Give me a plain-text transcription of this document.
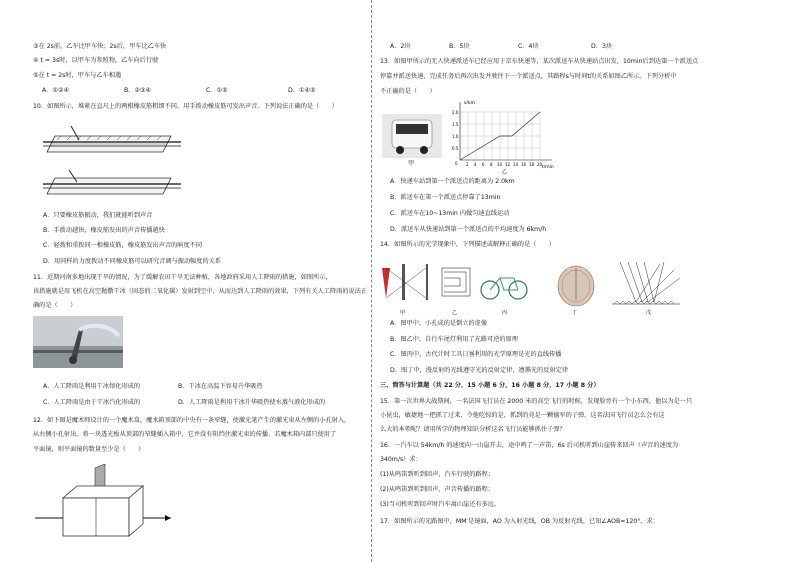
③在 2s前，乙车比甲车快；2s后，甲车比乙车快
④ t = 3s时，以甲车为参照物，乙车向后行驶
⑤在 t = 2s时，甲车与乙车相遇
A．①②④	B．②③④	C．①⑤	D．①④⑤
10．如图所示，堆紧在直尺上的两根橡皮筋粗细不同，用手拨动橡皮筋可发出声音。下列说法正确的是（　　）
A．只要橡皮筋振动，我们就能听到声音
B．手拨动越快，橡皮筋发出的声音传播越快
C．轻拨和重拨同一根橡皮筋，橡皮筋发出声音的响度不同
D．用同样的力度拨动不同橡皮筋可以研究音调与振动幅度的关系
11．近期河南多地出现干旱的情况，为了缓解农田干旱无法种植，各地政府采用人工降雨的措施，如图所示，
该措施就是用飞机在高空抛撒干冰（固态的二氧化碳）发射到空中，从而达到人工降雨的效果，下列有关人工降雨的说法正
确的是（　　）
A．人工降雨是利用干冰熔化形成的	B．干冰在高温下容易升华吸热
C．人工降雨是由于干冰汽化形成的	D．人工降雨是利用干冰升华吸热使水蒸气液化形成的
12．如下图是魔术师设计的一个魔术盒，魔术箱顶部的中央有一条窄缝，使激光笔产生的激光束从左侧的小孔射入，
从右侧小孔射出。将一块透光板从顶部的窄缝插入箱中，它并没有阻挡住激光束的传播，若魔术箱内部只使用了
平面镜，则平面镜的数量至少是（　　）
A．2块	B．5块	C．4块	D．3块
13．如图甲所示的无人快递派送车已经应用于京东快递等，某次派送车从快递站点出发，10min后到达第一个派送点
停靠并派送快递，完成任务后再次出发并驶往下一个派送点，其路程s与时间t的关系如图乙所示。下列分析中
不正确的是（　　）
甲
s/km
t/min
2.0
1.5
1.0
0.5
0 2 4 6 8 10 12 14 16 18 20
乙
A．快递车站到第一个派送点的距离为 2.0km
B．派送车在第一个派送点停靠了13min
C．派送车在10~13min 内做匀速直线运动
D．派送车从快递站到第一个派送点的平均速度为 6km/h
14．如图所示的光学现象中，下列描述或解释正确的是（　　）
甲	乙	丙	丁	戊
A．图甲中，小孔成的是倒立的虚像
B．图乙中，自行车尾灯利用了光路可逆的原理
C．图丙中，古代计时工具日晷利用的光学原理是光的直线传播
D．图丁中，漫反射的光线遵守光的反射定律，遵循光的反射定律
三、简答与计算题（共 22 分，15 小题 6 分，16 小题 8 分，17 小题 8 分）
15．第一次世界大战期间，一名法国飞行员在 2000 米的高空飞行的时候，发现脸旁有一个小东西，他以为是一只
小昆虫，敏捷地一把抓了过来，令他吃惊的是，抓到的竟是一颗德军的子弹，这名法国飞行员怎么会有这
么大的本领呢？请用所学的物理知识分析这名飞行员能够抓住子弹？
16．一汽车以 54km/h 的速度向一山崖开去，途中鸣了一声笛，6s 后司机听到山崖传来回声（声音的速度为
340m/s）求：
(1)从鸣笛到听到回声，汽车行驶的路程；
(2)从鸣笛到听到回声，声音传播的路程；
(3)当司机听到回声时汽车离山崖还有多远。
17．如图所示的光路图中，MM′是镜面，AO 为入射光线，OB 为反射光线，已知∠AOB=120°，求：
